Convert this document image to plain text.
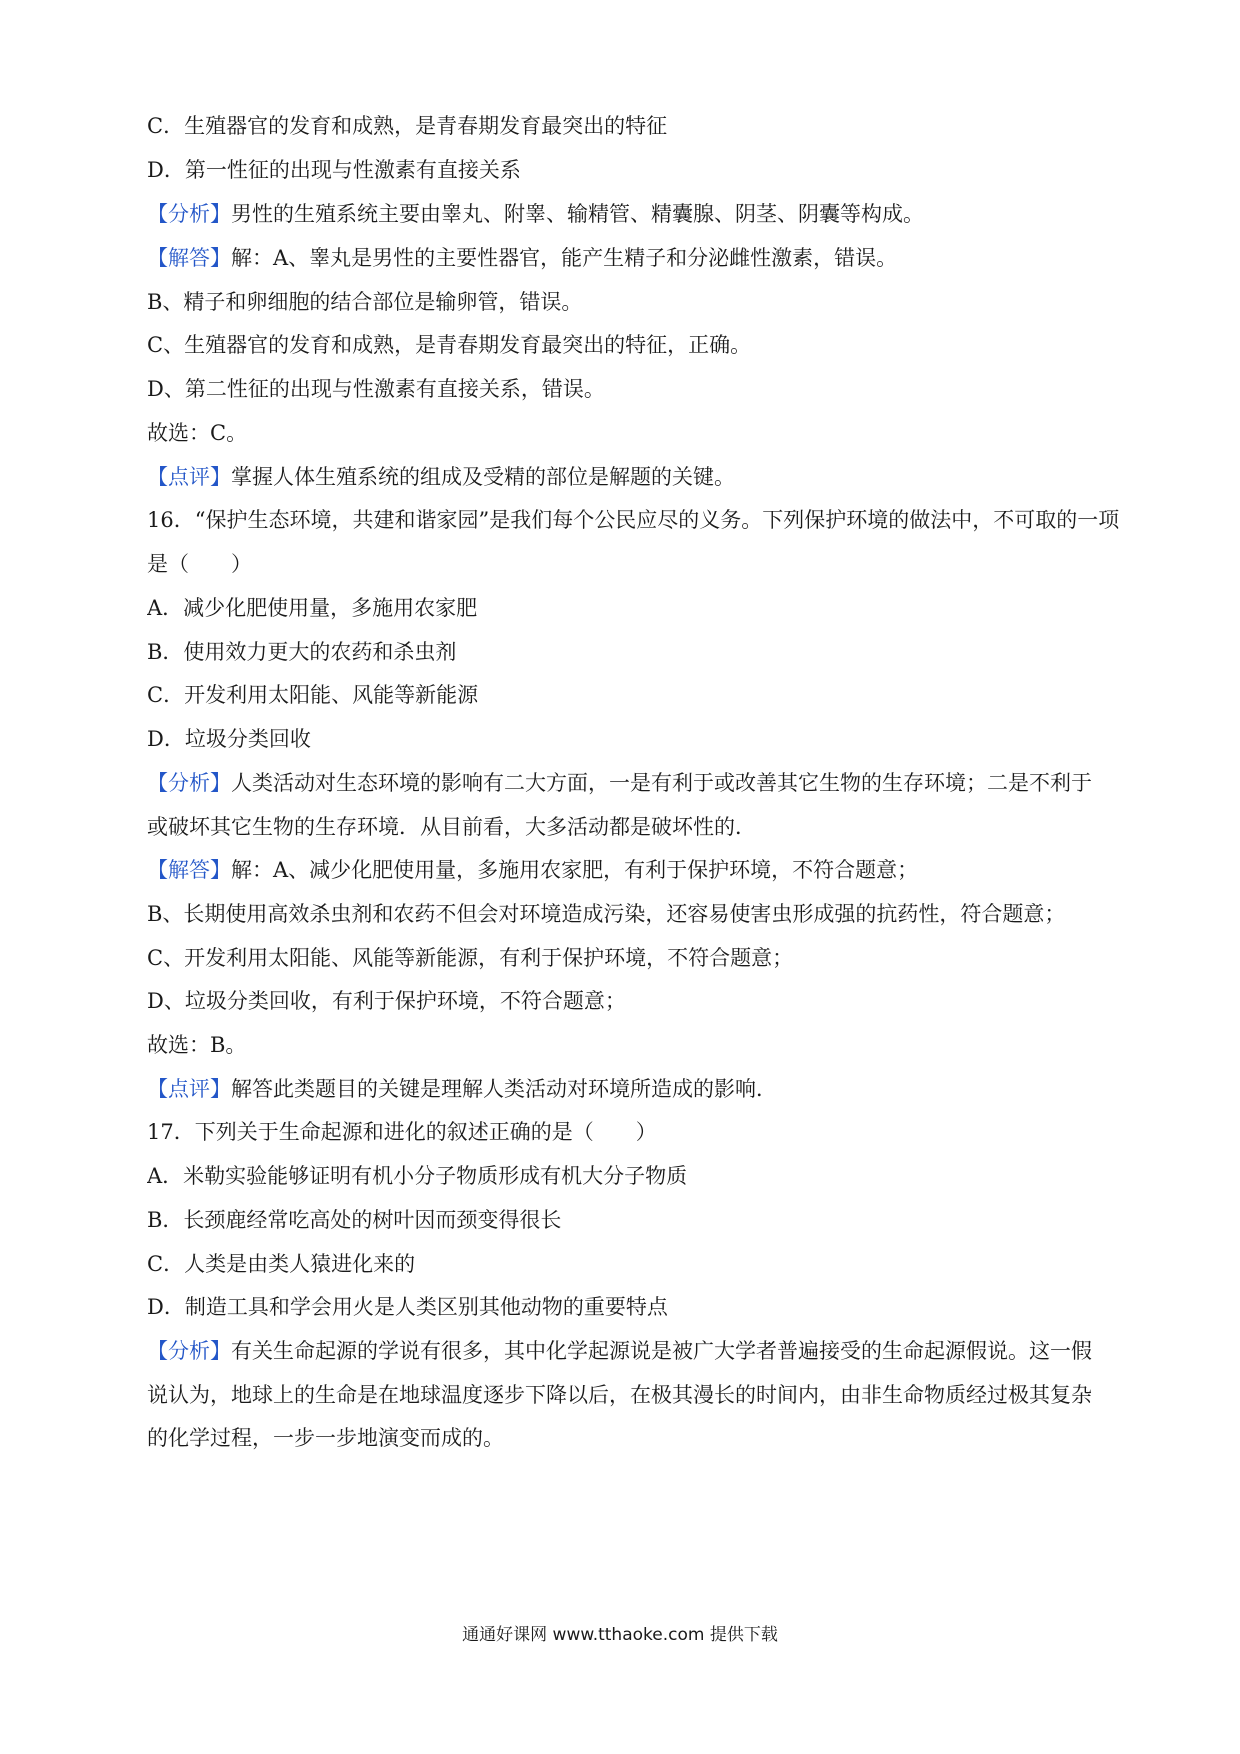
C．生殖器官的发育和成熟，是青春期发育最突出的特征
D．第一性征的出现与性激素有直接关系
【分析】男性的生殖系统主要由睾丸、附睾、输精管、精囊腺、阴茎、阴囊等构成。
【解答】解：A、睾丸是男性的主要性器官，能产生精子和分泌雌性激素，错误。
B、精子和卵细胞的结合部位是输卵管，错误。
C、生殖器官的发育和成熟，是青春期发育最突出的特征，正确。
D、第二性征的出现与性激素有直接关系，错误。
故选：C。
【点评】掌握人体生殖系统的组成及受精的部位是解题的关键。
16．“保护生态环境，共建和谐家园”是我们每个公民应尽的义务。下列保护环境的做法中，不可取的一项
是（　　）
A．减少化肥使用量，多施用农家肥
B．使用效力更大的农药和杀虫剂
C．开发利用太阳能、风能等新能源
D．垃圾分类回收
【分析】人类活动对生态环境的影响有二大方面，一是有利于或改善其它生物的生存环境；二是不利于
或破坏其它生物的生存环境．从目前看，大多活动都是破坏性的．
【解答】解：A、减少化肥使用量，多施用农家肥，有利于保护环境，不符合题意；
B、长期使用高效杀虫剂和农药不但会对环境造成污染，还容易使害虫形成强的抗药性，符合题意；
C、开发利用太阳能、风能等新能源，有利于保护环境，不符合题意；
D、垃圾分类回收，有利于保护环境，不符合题意；
故选：B。
【点评】解答此类题目的关键是理解人类活动对环境所造成的影响．
17．下列关于生命起源和进化的叙述正确的是（　　）
A．米勒实验能够证明有机小分子物质形成有机大分子物质
B．长颈鹿经常吃高处的树叶因而颈变得很长
C．人类是由类人猿进化来的
D．制造工具和学会用火是人类区别其他动物的重要特点
【分析】有关生命起源的学说有很多，其中化学起源说是被广大学者普遍接受的生命起源假说。这一假
说认为，地球上的生命是在地球温度逐步下降以后，在极其漫长的时间内，由非生命物质经过极其复杂
的化学过程，一步一步地演变而成的。
通通好课网 www.tthaoke.com 提供下载
